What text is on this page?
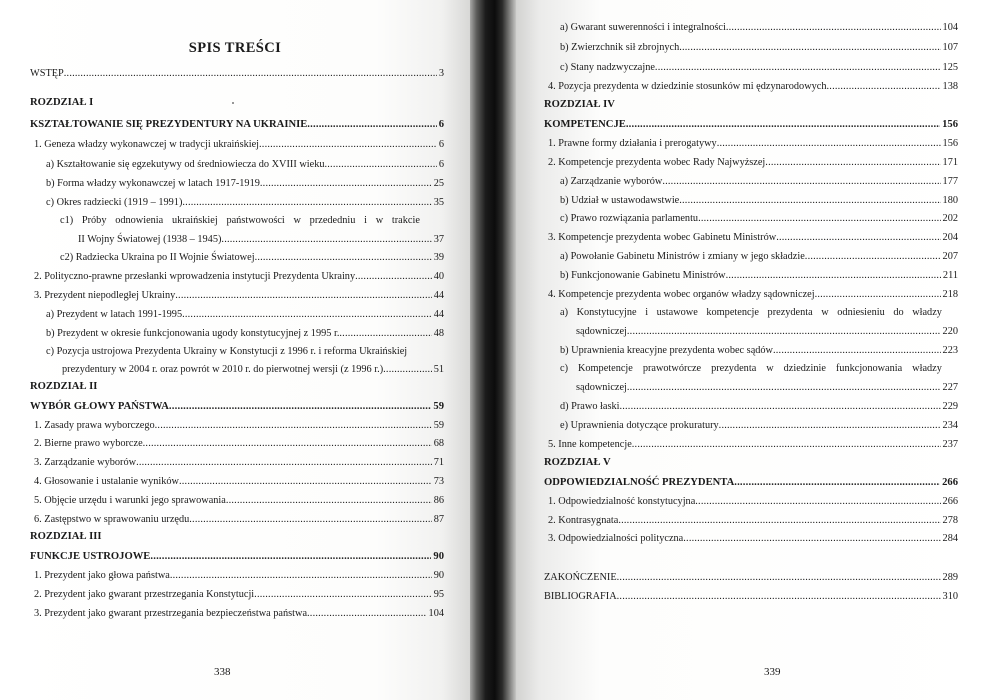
SPIS TREŚCI
WSTĘP .....	3
ROZDZIAŁ I
KSZTAŁTOWANIE SIĘ PREZYDENTURY NA UKRAINIE .....	6
1. Geneza władzy wykonawczej w tradycji ukraińskiej .....	6
a) Kształtowanie się egzekutywy od średniowiecza do XVIII wieku .....	6
b) Forma władzy wykonawczej w latach 1917-1919 .....	25
c) Okres radziecki (1919 – 1991) .....	35
c1) Próby odnowienia ukraińskiej państwowości w przededniu i w trakcie
II Wojny Światowej (1938 – 1945) .....	37
c2) Radziecka Ukraina po II Wojnie Światowej .....	39
2. Polityczno-prawne przesłanki wprowadzenia instytucji Prezydenta Ukrainy .....	40
3. Prezydent niepodległej Ukrainy .....	44
a) Prezydent w latach 1991-1995 .....	44
b) Prezydent w okresie funkcjonowania ugody konstytucyjnej z 1995 r. .....	48
c) Pozycja ustrojowa Prezydenta Ukrainy w Konstytucji z 1996 r. i reforma Ukraińskiej
prezydentury w 2004 r. oraz powrót w 2010 r. do pierwotnej wersji (z 1996 r.) .....	51
ROZDZIAŁ II
WYBÓR GŁOWY PAŃSTWA .....	59
1. Zasady prawa wyborczego .....	59
2. Bierne prawo wyborcze .....	68
3. Zarządzanie wyborów .....	71
4. Głosowanie i ustalanie wyników .....	73
5. Objęcie urzędu i warunki jego sprawowania .....	86
6. Zastępstwo w sprawowaniu urzędu .....	87
ROZDZIAŁ III
FUNKCJE USTROJOWE .....	90
1. Prezydent jako głowa państwa .....	90
2. Prezydent jako gwarant przestrzegania Konstytucji .....	95
3. Prezydent jako gwarant przestrzegania bezpieczeństwa państwa .....	104
338
a) Gwarant suwerenności i integralności .....	104
b) Zwierzchnik sił zbrojnych .....	107
c) Stany nadzwyczajne .....	125
4. Pozycja prezydenta w dziedzinie stosunków mi ędzynarodowych .....	138
ROZDZIAŁ IV
KOMPETENCJE .....	156
1. Prawne formy działania i prerogatywy .....	156
2. Kompetencje prezydenta wobec Rady Najwyższej .....	171
a) Zarządzanie wyborów .....	177
b) Udział w ustawodawstwie .....	180
c) Prawo rozwiązania parlamentu .....	202
3. Kompetencje prezydenta wobec Gabinetu Ministrów .....	204
a) Powołanie Gabinetu Ministrów i zmiany w jego składzie .....	207
b) Funkcjonowanie Gabinetu Ministrów .....	211
4. Kompetencje prezydenta wobec organów władzy sądowniczej .....	218
a) Konstytucyjne i ustawowe kompetencje prezydenta w odniesieniu do władzy
sądowniczej .....	220
b) Uprawnienia kreacyjne prezydenta wobec sądów .....	223
c) Kompetencje prawotwórcze prezydenta w dziedzinie funkcjonowania władzy
sądowniczej .....	227
d) Prawo łaski .....	229
e) Uprawnienia dotyczące prokuratury .....	234
5. Inne kompetencje .....	237
ROZDZIAŁ V
ODPOWIEDZIALNOŚĆ PREZYDENTA .....	266
1. Odpowiedzialność konstytucyjna .....	266
2. Kontrasygnata .....	278
3. Odpowiedzialności polityczna .....	284
ZAKOŃCZENIE .....	289
BIBLIOGRAFIA .....	310
339
